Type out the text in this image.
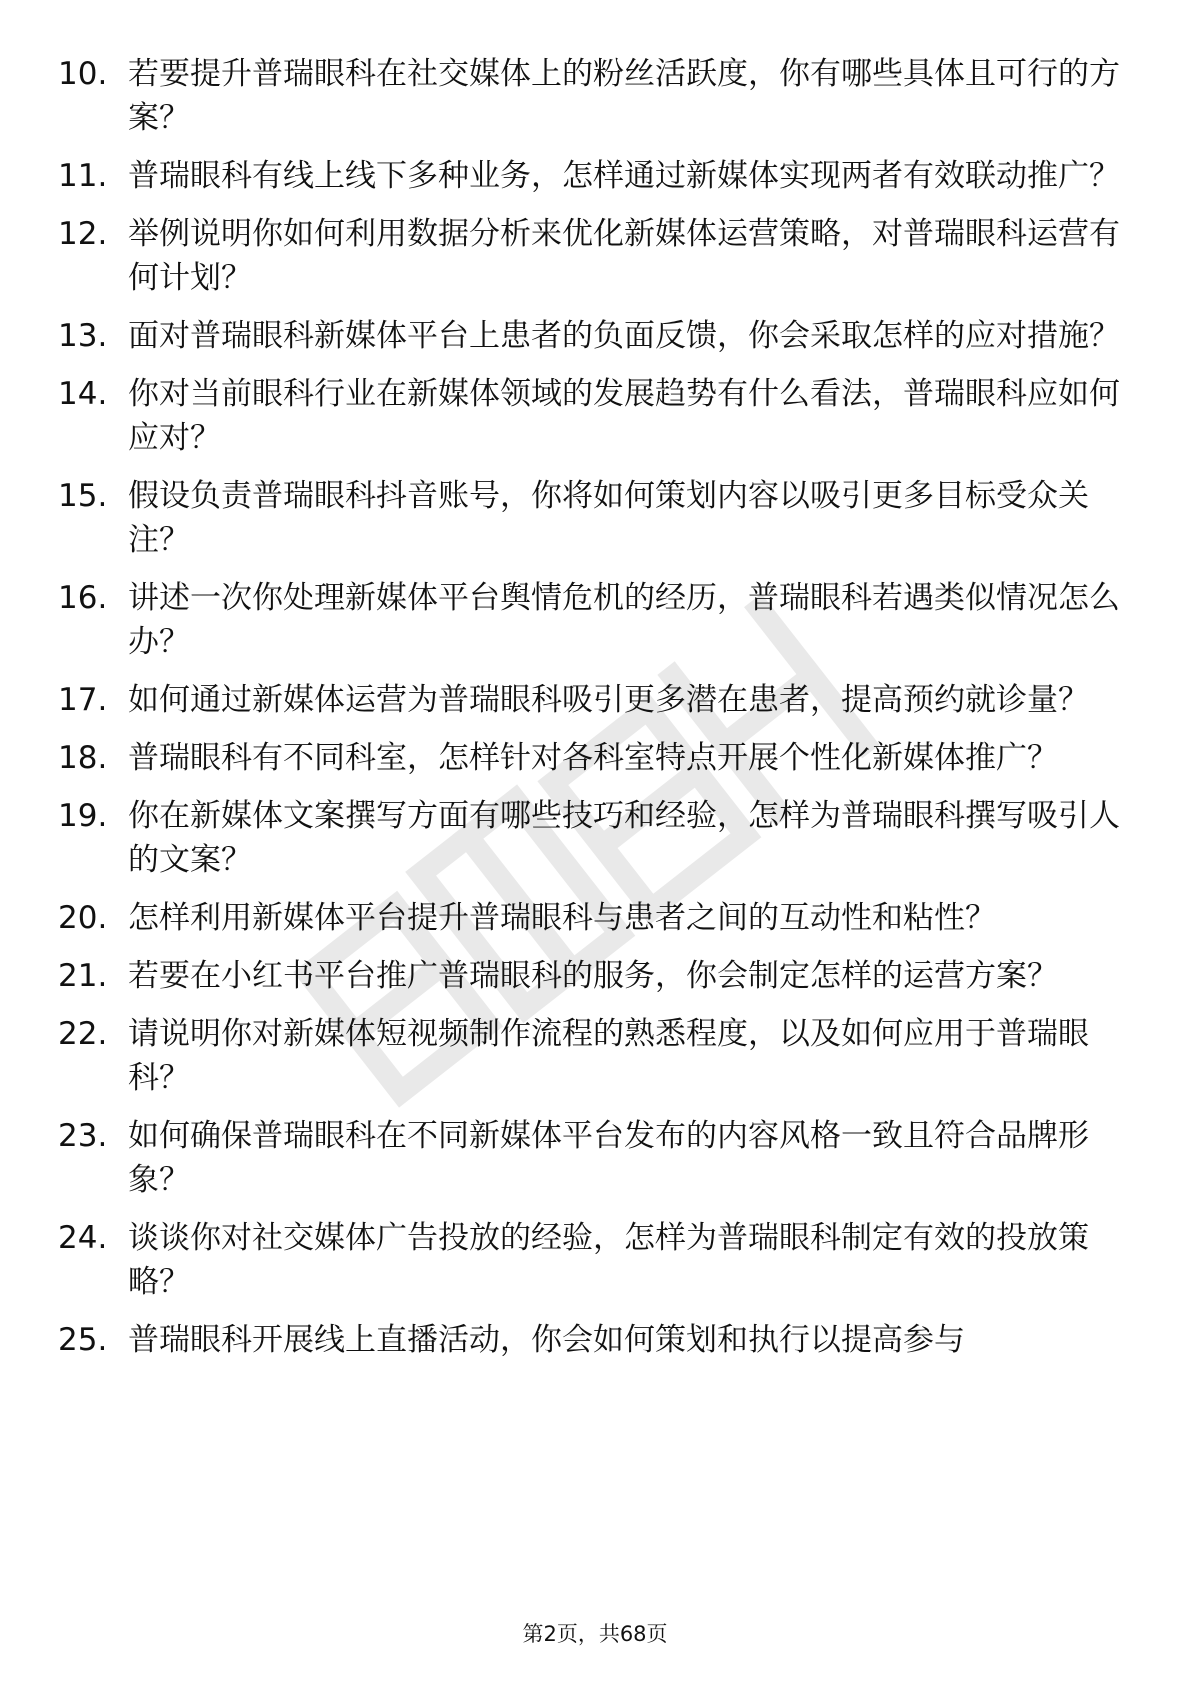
10. 若要提升普瑞眼科在社交媒体上的粉丝活跃度，你有哪些具体且可行的方案？
11. 普瑞眼科有线上线下多种业务，怎样通过新媒体实现两者有效联动推广？
12. 举例说明你如何利用数据分析来优化新媒体运营策略，对普瑞眼科运营有何计划？
13. 面对普瑞眼科新媒体平台上患者的负面反馈，你会采取怎样的应对措施？
14. 你对当前眼科行业在新媒体领域的发展趋势有什么看法，普瑞眼科应如何应对？
15. 假设负责普瑞眼科抖音账号，你将如何策划内容以吸引更多目标受众关注？
16. 讲述一次你处理新媒体平台舆情危机的经历，普瑞眼科若遇类似情况怎么办？
17. 如何通过新媒体运营为普瑞眼科吸引更多潜在患者，提高预约就诊量？
18. 普瑞眼科有不同科室，怎样针对各科室特点开展个性化新媒体推广？
19. 你在新媒体文案撰写方面有哪些技巧和经验，怎样为普瑞眼科撰写吸引人的文案？
20. 怎样利用新媒体平台提升普瑞眼科与患者之间的互动性和粘性？
21. 若要在小红书平台推广普瑞眼科的服务，你会制定怎样的运营方案？
22. 请说明你对新媒体短视频制作流程的熟悉程度，以及如何应用于普瑞眼科？
23. 如何确保普瑞眼科在不同新媒体平台发布的内容风格一致且符合品牌形象？
24. 谈谈你对社交媒体广告投放的经验，怎样为普瑞眼科制定有效的投放策略？
25. 普瑞眼科开展线上直播活动，你会如何策划和执行以提高参与
第2页，共68页
